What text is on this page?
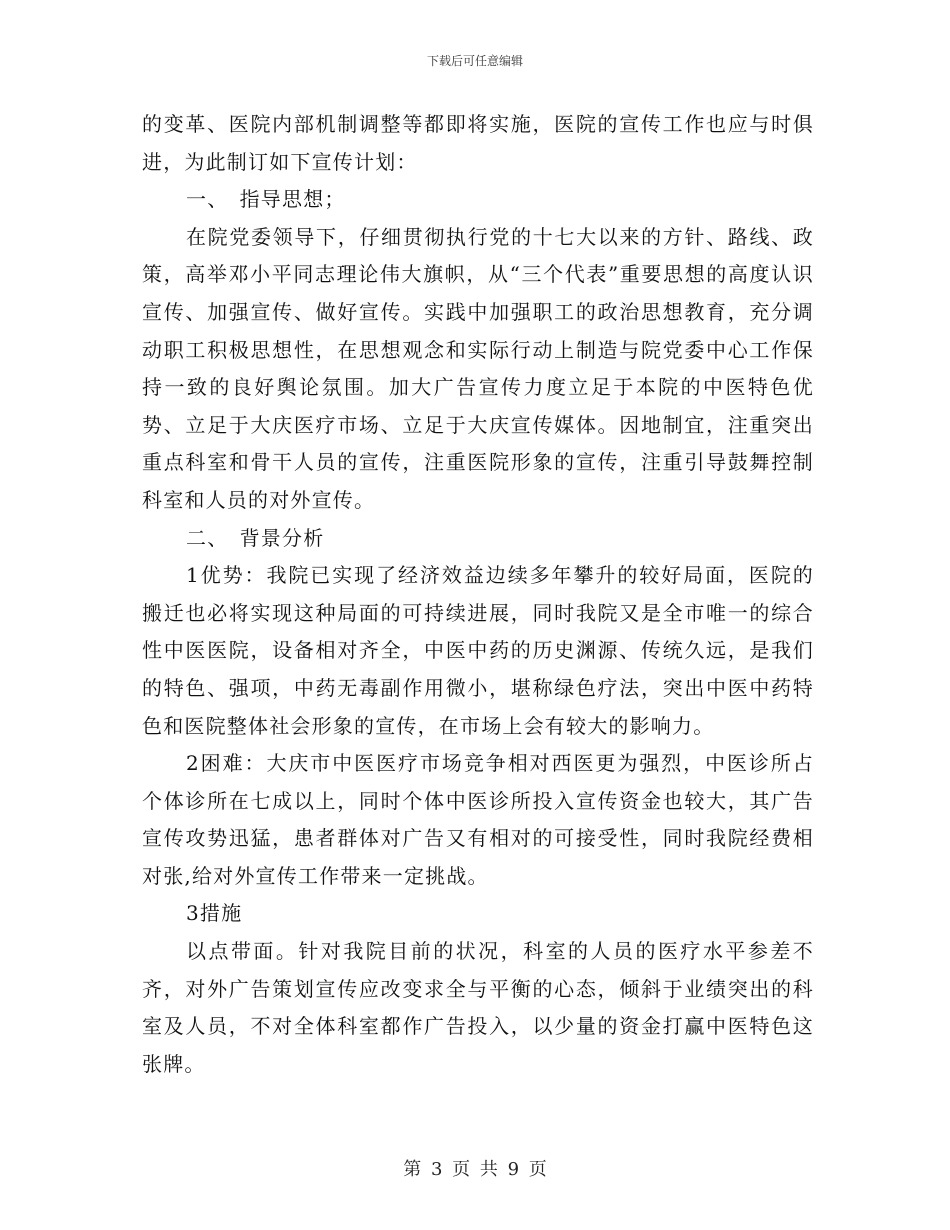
下载后可任意编辑

的变革、医院内部机制调整等都即将实施，医院的宣传工作也应与时俱进，为此制订如下宣传计划：

一、　指导思想；

在院党委领导下，仔细贯彻执行党的十七大以来的方针、路线、政策，高举邓小平同志理论伟大旗帜，从“三个代表”重要思想的高度认识宣传、加强宣传、做好宣传。实践中加强职工的政治思想教育，充分调动职工积极思想性，在思想观念和实际行动上制造与院党委中心工作保持一致的良好舆论氛围。加大广告宣传力度立足于本院的中医特色优势、立足于大庆医疗市场、立足于大庆宣传媒体。因地制宜，注重突出重点科室和骨干人员的宣传，注重医院形象的宣传，注重引导鼓舞控制科室和人员的对外宣传。

二、　背景分析

1优势：我院已实现了经济效益边续多年攀升的较好局面，医院的搬迁也必将实现这种局面的可持续进展，同时我院又是全市唯一的综合性中医医院，设备相对齐全，中医中药的历史渊源、传统久远，是我们的特色、强项，中药无毒副作用微小，堪称绿色疗法，突出中医中药特色和医院整体社会形象的宣传，在市场上会有较大的影响力。

2困难：大庆市中医医疗市场竞争相对西医更为强烈，中医诊所占个体诊所在七成以上，同时个体中医诊所投入宣传资金也较大，其广告宣传攻势迅猛，患者群体对广告又有相对的可接受性，同时我院经费相对张,给对外宣传工作带来一定挑战。

3措施

以点带面。针对我院目前的状况，科室的人员的医疗水平参差不齐，对外广告策划宣传应改变求全与平衡的心态，倾斜于业绩突出的科室及人员，不对全体科室都作广告投入，以少量的资金打赢中医特色这张牌。

第 3 页 共 9 页
